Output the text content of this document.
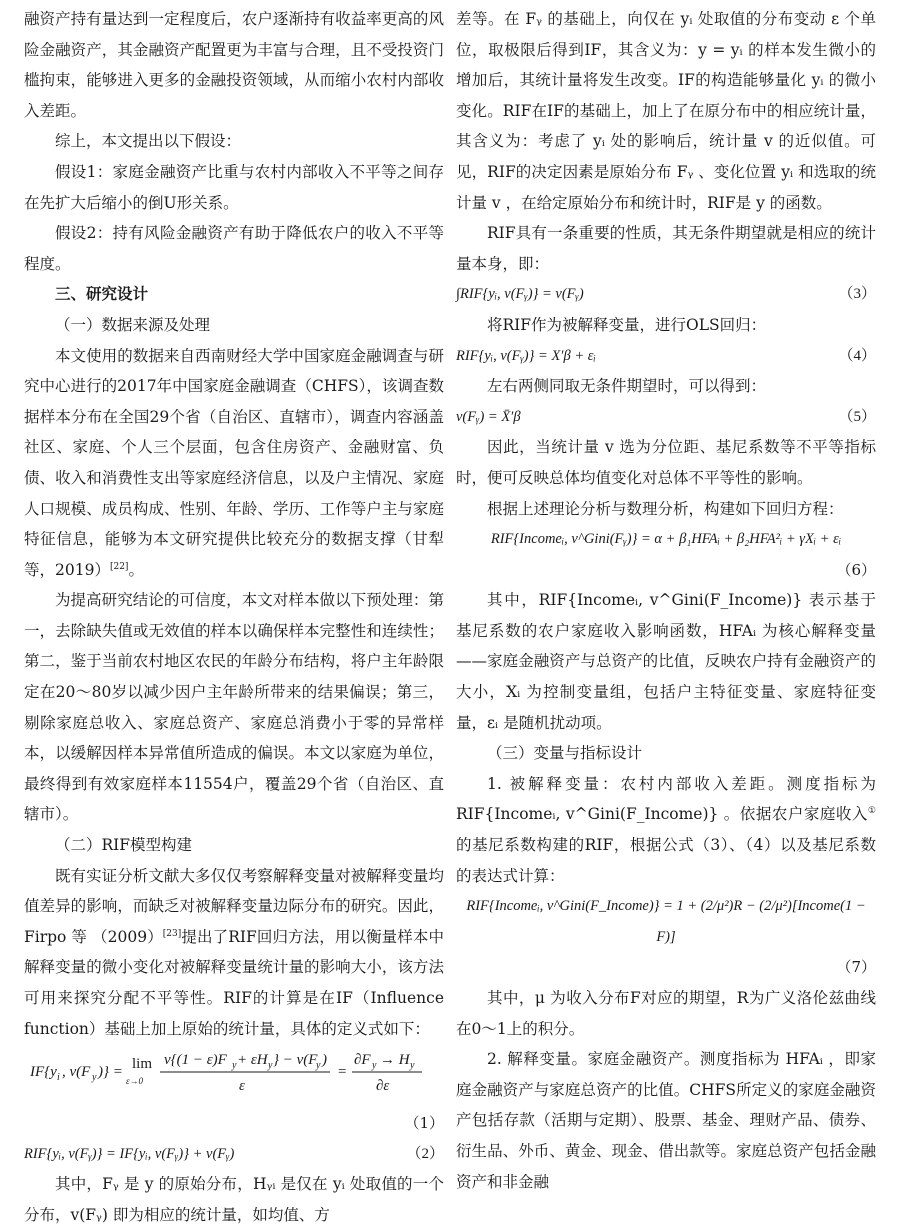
融资产持有量达到一定程度后，农户逐渐持有收益率更高的风险金融资产，其金融资产配置更为丰富与合理，且不受投资门槛拘束，能够进入更多的金融投资领域，从而缩小农村内部收入差距。

综上，本文提出以下假设：

假设1：家庭金融资产比重与农村内部收入不平等之间存在先扩大后缩小的倒U形关系。

假设2：持有风险金融资产有助于降低农户的收入不平等程度。

三、研究设计

（一）数据来源及处理

本文使用的数据来自西南财经大学中国家庭金融调查与研究中心进行的2017年中国家庭金融调查（CHFS），该调查数据样本分布在全国29个省（自治区、直辖市），调查内容涵盖社区、家庭、个人三个层面，包含住房资产、金融财富、负债、收入和消费性支出等家庭经济信息，以及户主情况、家庭人口规模、成员构成、性别、年龄、学历、工作等户主与家庭特征信息，能够为本文研究提供比较充分的数据支撑（甘犁等，2019）[22]。

为提高研究结论的可信度，本文对样本做以下预处理：第一，去除缺失值或无效值的样本以确保样本完整性和连续性；第二，鉴于当前农村地区农民的年龄分布结构，将户主年龄限定在20～80岁以减少因户主年龄所带来的结果偏误；第三，剔除家庭总收入、家庭总资产、家庭总消费小于零的异常样本，以缓解因样本异常值所造成的偏误。本文以家庭为单位，最终得到有效家庭样本11554户，覆盖29个省（自治区、直辖市）。

（二）RIF模型构建

既有实证分析文献大多仅仅考察解释变量对被解释变量均值差异的影响，而缺乏对被解释变量边际分布的研究。因此，Firpo 等 （2009）[23]提出了RIF回归方法，用以衡量样本中解释变量的微小变化对被解释变量统计量的影响大小，该方法可用来探究分配不平等性。RIF的计算是在IF（Influence function）基础上加上原始的统计量，具体的定义式如下：

IF{y i , v(F y )} = lim
ε→0
v{(1 − ε)F y + εH y } − v(F
y )
ε
=
∂F y → H y
∂ε

（1）

RIF{yᵢ, v(Fᵧ)} = IF{yᵢ, v(Fᵧ)} + v(Fᵧ)	（2）

其中，Fᵧ 是 y 的原始分布，Hᵧᵢ 是仅在 yᵢ 处取值的一个分布，v(Fᵧ) 即为相应的统计量，如均值、方

差等。在 Fᵧ 的基础上，向仅在 yᵢ 处取值的分布变动 ε 个单位，取极限后得到IF，其含义为：y = yᵢ 的样本发生微小的增加后，其统计量将发生改变。IF的构造能够量化 yᵢ 的微小变化。RIF在IF的基础上，加上了在原分布中的相应统计量，其含义为：考虑了 yᵢ 处的影响后，统计量 v 的近似值。可见，RIF的决定因素是原始分布 Fᵧ 、变化位置 yᵢ 和选取的统计量 v ，在给定原始分布和统计时，RIF是 y 的函数。

RIF具有一条重要的性质，其无条件期望就是相应的统计量本身，即：

∫RIF{yᵢ, v(Fᵧ)} = v(Fᵧ)	（3）

将RIF作为被解释变量，进行OLS回归：

RIF{yᵢ, v(Fᵧ)} = X′β + εᵢ	（4）

左右两侧同取无条件期望时，可以得到：

v(Fᵧ) = X̄′β	（5）

因此，当统计量 v 选为分位距、基尼系数等不平等指标时，便可反映总体均值变化对总体不平等性的影响。

根据上述理论分析与数理分析，构建如下回归方程：

RIF{Incomeᵢ, v^Gini(Fᵧ)} = α + β₁HFAᵢ + β₂HFA²ᵢ + γXᵢ + εᵢ

（6）

其中，RIF{Incomeᵢ, v^Gini(F_Income)} 表示基于基尼系数的农户家庭收入影响函数，HFAᵢ 为核心解释变量——家庭金融资产与总资产的比值，反映农户持有金融资产的大小，Xᵢ 为控制变量组，包括户主特征变量、家庭特征变量，εᵢ 是随机扰动项。

（三）变量与指标设计

1. 被解释变量：农村内部收入差距。测度指标为 RIF{Incomeᵢ, v^Gini(F_Income)} 。依据农户家庭收入①的基尼系数构建的RIF，根据公式（3）、（4）以及基尼系数的表达式计算：

RIF{Incomeᵢ, v^Gini(F_Income)} = 1 + (2/μ²)R − (2/μ²)[Income(1 − F)]

（7）

其中，μ 为收入分布F对应的期望，R为广义洛伦兹曲线在0～1上的积分。

2. 解释变量。家庭金融资产。测度指标为 HFAᵢ ，即家庭金融资产与家庭总资产的比值。CHFS所定义的家庭金融资产包括存款（活期与定期）、股票、基金、理财产品、债券、衍生品、外币、黄金、现金、借出款等。家庭总资产包括金融资产和非金融
